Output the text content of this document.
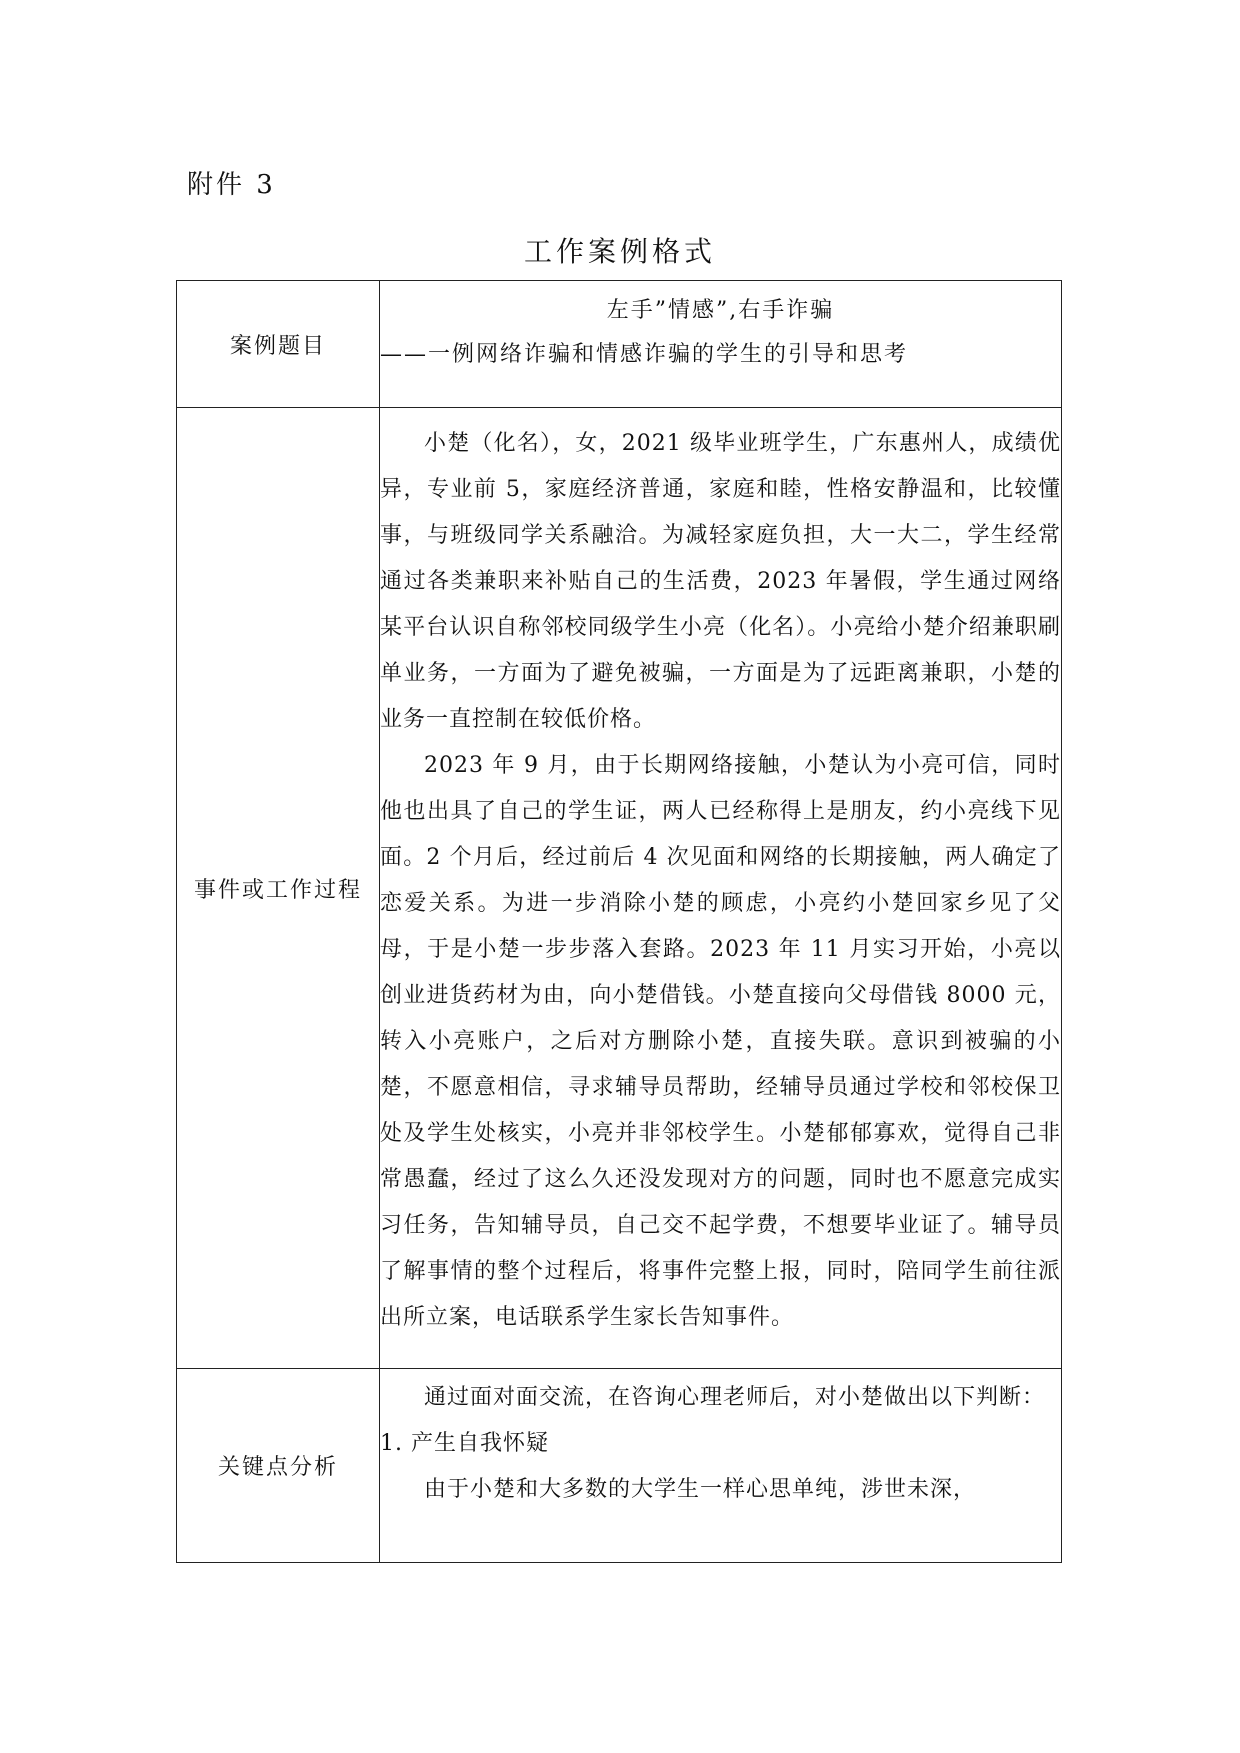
附件 3
工作案例格式
案例题目	左手”情感”,右手诈骗
——一例网络诈骗和情感诈骗的学生的引导和思考

事件或工作过程	小楚（化名），女，2021 级毕业班学生，广东惠州人，成绩优异，专业前 5，家庭经济普通，家庭和睦，性格安静温和，比较懂事，与班级同学关系融洽。为减轻家庭负担，大一大二，学生经常通过各类兼职来补贴自己的生活费，2023 年暑假，学生通过网络某平台认识自称邻校同级学生小亮（化名）。小亮给小楚介绍兼职刷单业务，一方面为了避免被骗，一方面是为了远距离兼职，小楚的业务一直控制在较低价格。

2023 年 9 月，由于长期网络接触，小楚认为小亮可信，同时他也出具了自己的学生证，两人已经称得上是朋友，约小亮线下见面。2 个月后，经过前后 4 次见面和网络的长期接触，两人确定了恋爱关系。为进一步消除小楚的顾虑，小亮约小楚回家乡见了父母，于是小楚一步步落入套路。2023 年 11 月实习开始，小亮以创业进货药材为由，向小楚借钱。小楚直接向父母借钱 8000 元，转入小亮账户，之后对方删除小楚，直接失联。意识到被骗的小楚，不愿意相信，寻求辅导员帮助，经辅导员通过学校和邻校保卫处及学生处核实，小亮并非邻校学生。小楚郁郁寡欢，觉得自己非常愚蠢，经过了这么久还没发现对方的问题，同时也不愿意完成实习任务，告知辅导员，自己交不起学费，不想要毕业证了。辅导员了解事情的整个过程后，将事件完整上报，同时，陪同学生前往派出所立案，电话联系学生家长告知事件。

关键点分析	通过面对面交流，在咨询心理老师后，对小楚做出以下判断：

1. 产生自我怀疑

由于小楚和大多数的大学生一样心思单纯，涉世未深，
